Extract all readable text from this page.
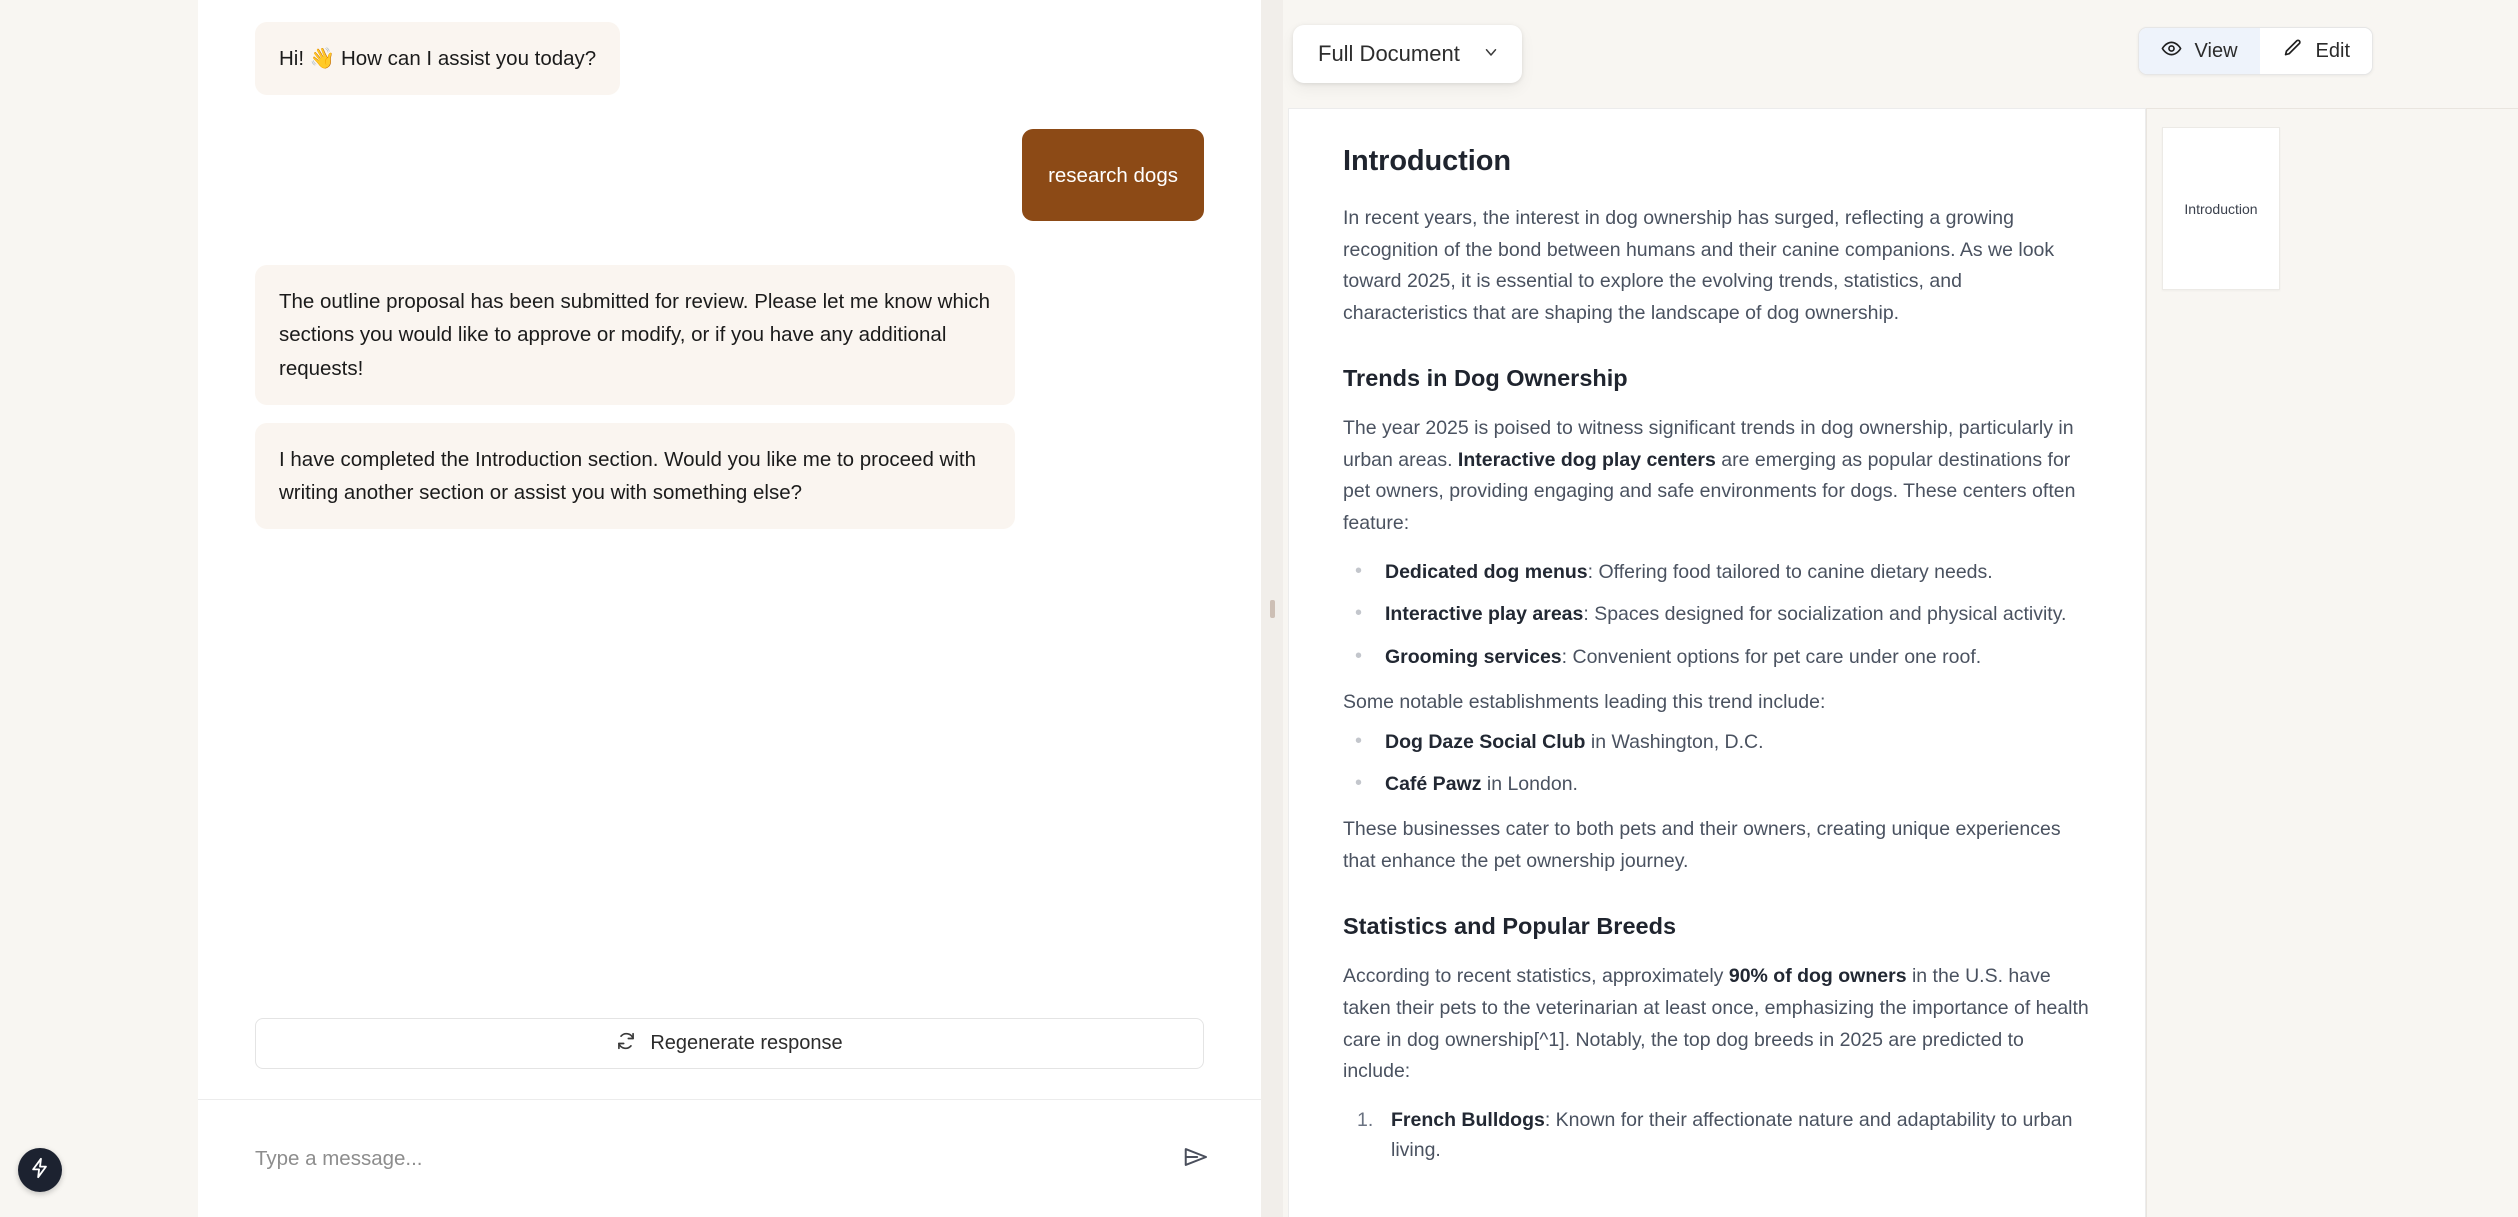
Hi! 👋 How can I assist you today?
research dogs
The outline proposal has been submitted for review. Please let me know which sections you would like to approve or modify, or if you have any additional requests!
I have completed the Introduction section. Would you like me to proceed with writing another section or assist you with something else?
Regenerate response
Type a message...
Full Document	View	Edit
Introduction

In recent years, the interest in dog ownership has surged, reflecting a growing recognition of the bond between humans and their canine companions. As we look toward 2025, it is essential to explore the evolving trends, statistics, and characteristics that are shaping the landscape of dog ownership.

Trends in Dog Ownership

The year 2025 is poised to witness significant trends in dog ownership, particularly in urban areas. Interactive dog play centers are emerging as popular destinations for pet owners, providing engaging and safe environments for dogs. These centers often feature:

• Dedicated dog menus: Offering food tailored to canine dietary needs.
• Interactive play areas: Spaces designed for socialization and physical activity.
• Grooming services: Convenient options for pet care under one roof.

Some notable establishments leading this trend include:

• Dog Daze Social Club in Washington, D.C.
• Café Pawz in London.

These businesses cater to both pets and their owners, creating unique experiences that enhance the pet ownership journey.

Statistics and Popular Breeds

According to recent statistics, approximately 90% of dog owners in the U.S. have taken their pets to the veterinarian at least once, emphasizing the importance of health care in dog ownership[^1]. Notably, the top dog breeds in 2025 are predicted to include:

French Bulldogs: Known for their affectionate nature and adaptability to urban living.
Introduction
